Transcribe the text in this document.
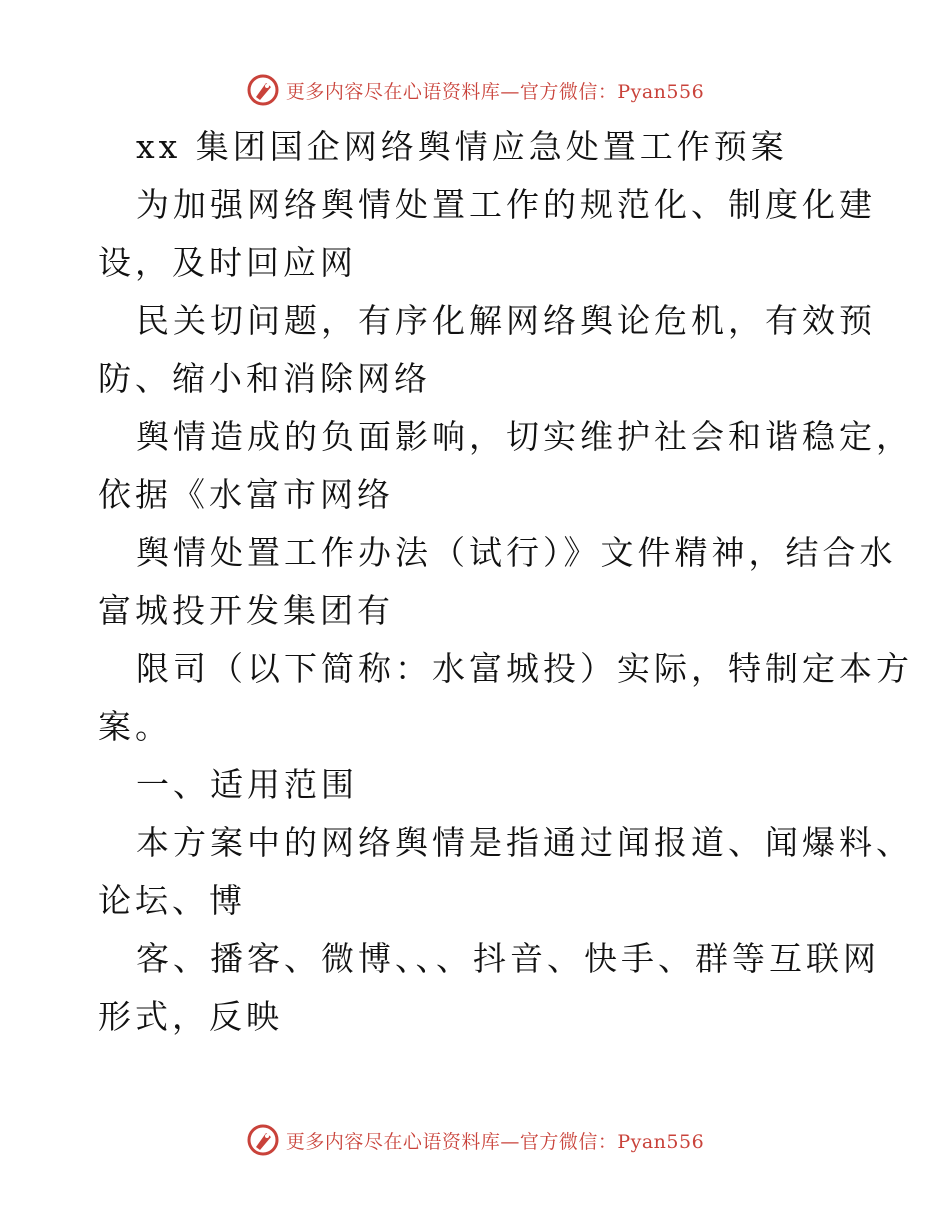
更多内容尽在心语资料库—官方微信：Pyan556
xx 集团国企网络舆情应急处置工作预案
为加强网络舆情处置工作的规范化、制度化建
设，及时回应网
民关切问题，有序化解网络舆论危机，有效预
防、缩小和消除网络
舆情造成的负面影响，切实维护社会和谐稳定，
依据《水富市网络
舆情处置工作办法（试行）》文件精神，结合水
富城投开发集团有
限司（以下简称：水富城投）实际，特制定本方
案。
一、适用范围
本方案中的网络舆情是指通过闻报道、闻爆料、
论坛、博
客、播客、微博、、、抖音、快手、群等互联网
形式，反映
更多内容尽在心语资料库—官方微信：Pyan556
